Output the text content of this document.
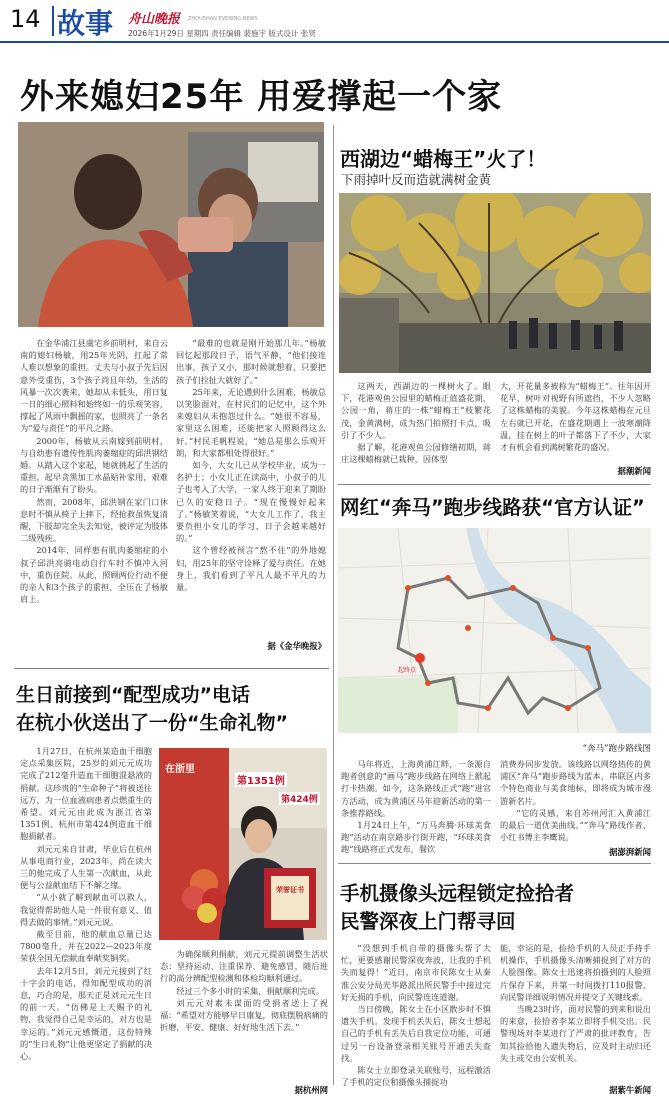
14 故事 舟山晚报 ZHOUSHAN EVENING NEWS
2026年1月29日 星期四 责任编辑 裴施宇 版式设计 张贤
外来媳妇25年 用爱撑起一个家

在金华浦江县虞宅乡前明村，来自云南的媳妇杨敏，用25年光阴，扛起了常人难以想象的重担。丈夫与小叔子先后因意外受重伤，3个孩子尚且年幼，生活的风暴一次次袭来，她却从未低头，用日复一日的细心照料和始终如一的乐观笑容，撑起了风雨中飘摇的家，也照亮了一条名为“爱与责任”的平凡之路。

2000年，杨敏从云南嫁到前明村，与自幼患有遗传性肌肉萎缩症的邱洪钢结婚。从踏入这个家起，她就挑起了生活的重担，起早贪黑加工水晶贴补家用，艰难的日子渐渐有了盼头。

然而，2008年，邱洪钢在家门口休息时不慎从椅子上摔下，经抢救虽恢复清醒，下肢却完全失去知觉，被评定为肢体二级残疾。

2014年，同样患有肌肉萎缩症的小叔子邱洪亮骑电动自行车时不慎冲入河中，重伤住院。从此，照顾两位行动不便的亲人和3个孩子的重担，全压在了杨敏肩上。

“最难的也就是刚开始那几年。”杨敏回忆起那段日子，语气平静，“他们接连出事，孩子又小，那时候就想着，只要把孩子们拉扯大就好了。”

25年来，无论遇到什么困难，杨敏总以笑脸面对，在村民们的记忆中，这个外来媳妇从未抱怨过什么。“她很不容易，家里这么困难，还能把家人照顾得这么好。”村民毛帆程说，“她总是那么乐观开朗，和大家都相处得很好。”

如今，大女儿已从学校毕业，成为一名护士；小女儿正在读高中，小叔子的儿子也考入了大学，一家人终于迎来了期盼已久的安稳日子。“现在慢慢好起来了。”杨敏笑着说，“大女儿工作了，我主要负担小女儿的学习，日子会越来越好的。”

这个曾经被预言“熬不住”的外地媳妇，用25年的坚守诠释了爱与责任。在她身上，我们看到了平凡人最不平凡的力量。

据《金华晚报》
西湖边“蜡梅王”火了！
下雨掉叶反而造就满树金黄

这两天，西湖边的一棵树火了。眼下，花港观鱼公园里的蜡梅正值盛花期，公园一角，蒋庄的一株“蜡梅王”枝繁花茂，金黄满树，成为热门拍照打卡点，吸引了不少人。

据了解，花港观鱼公园修缮初期，蒋庄这棵蜡梅就已栽种，因体型

大，开花量多被称为“蜡梅王”。往年因开花早，树叶对视野有所遮挡，不少人忽略了这株蜡梅的美貌。今年这株蜡梅在元旦左右就已开花，在盛花期遇上一波寒潮降温，挂在树上的叶子都落下了不少，大家才有机会看到满树繁花的盛况。

据潮新闻
网红“奔马”跑步线路获“官方认证”
起终点
“奔马”跑步路线图

马年将近，上海黄浦江畔，一条源自跑者创意的“画马”跑步线路在网络上掀起打卡热潮。如今，这条路线正式“跑”进官方活动，成为黄浦区马年迎新活动的第一条推荐路线。

1月24日上午，“万马奔腾·环球美食跑”活动在南京路步行街开跑，“环球美食跑”线路将正式发布，餐饮

消费券同步发放。该线路以网络热传的黄浦区“奔马”跑步路线为蓝本，串联区内多个特色商业与美食地标，即将成为城市漫游新名片。

“它的灵感，来自苏州河汇入黄浦江的最后一道优美曲线。”“奔马”路线作者、小红书博主李鹰说。

据澎湃新闻
生日前接到“配型成功”电话
在杭小伙送出了一份“生命礼物”

1月27日，在杭州某造血干细胞定点采集医院，25岁的刘元元成功完成了212毫升造血干细胞混悬液的捐献。这珍贵的“生命种子”将被送往远方，为一位血液病患者点燃重生的希望。刘元元由此成为浙江省第1351例、杭州市第424例造血干细胞捐献者。

刘元元来自甘肃，毕业后在杭州从事电商行业，2023年，尚在读大三的他完成了人生第一次献血，从此便与公益献血结下不解之缘。

“从小就了解到献血可以救人，我觉得帮助他人是一件很有意义、值得去做的事情。”刘元元说。

截至目前，他的献血总量已达7800毫升，并在2022—2023年度荣获全国无偿献血奉献奖铜奖。

去年12月5日，刘元元接到了红十字会的电话，得知配型成功的消息，巧合的是，那天正是刘元元生日的前一天。“仿佛是上天赐予的礼物，我觉得自己是幸运的，对方也是幸运的。”刘元元感慨道，这份特殊的“生日礼物”让他更坚定了捐献的决心。

在浙里
第1351例
第424例
荣誉证书

为确保顺利捐献，刘元元提前调整生活状态：坚持运动、注重保养、避免感冒，随后进行的高分辨配型检测和体检均顺利通过。

经过三个多小时的采集，捐献顺利完成。

刘元元对素未谋面的受捐者送上了祝福：“希望对方能够早日康复，彻底摆脱病痛的折磨，平安、健康、好好地生活下去。”

据杭州网
手机摄像头远程锁定捡拾者
民警深夜上门帮寻回

“没想到手机自带的摄像头帮了大忙，更要感谢民警深夜奔波，让我的手机失而复得！”近日，南京市民陈女士从秦淮公安分局光华路派出所民警手中接过完好无损的手机，向民警连连道谢。

当日傍晚，陈女士在小区散步时不慎遗失手机。发现手机丢失后，陈女士想起自己的手机有丢失后自我定位功能，可通过另一台设备登录相关账号开通丢失查找。

陈女士立即登录关联账号，远程激活了手机的定位和摄像头捕捉功

能，幸运的是，捡拾手机的人员正手持手机操作，手机摄像头清晰捕捉到了对方的人脸图像。陈女士迅速将拍摄到的人脸照片保存下来，并第一时间拨打110报警，向民警详细说明情况并提交了关键线索。

当晚23时许，面对民警的到来和说出的来意，捡拾者李某立即将手机交出。民警现场对李某进行了严肃的批评教育，告知其捡拾他人遗失物后，应及时主动归还失主或交由公安机关。

据紫牛新闻
